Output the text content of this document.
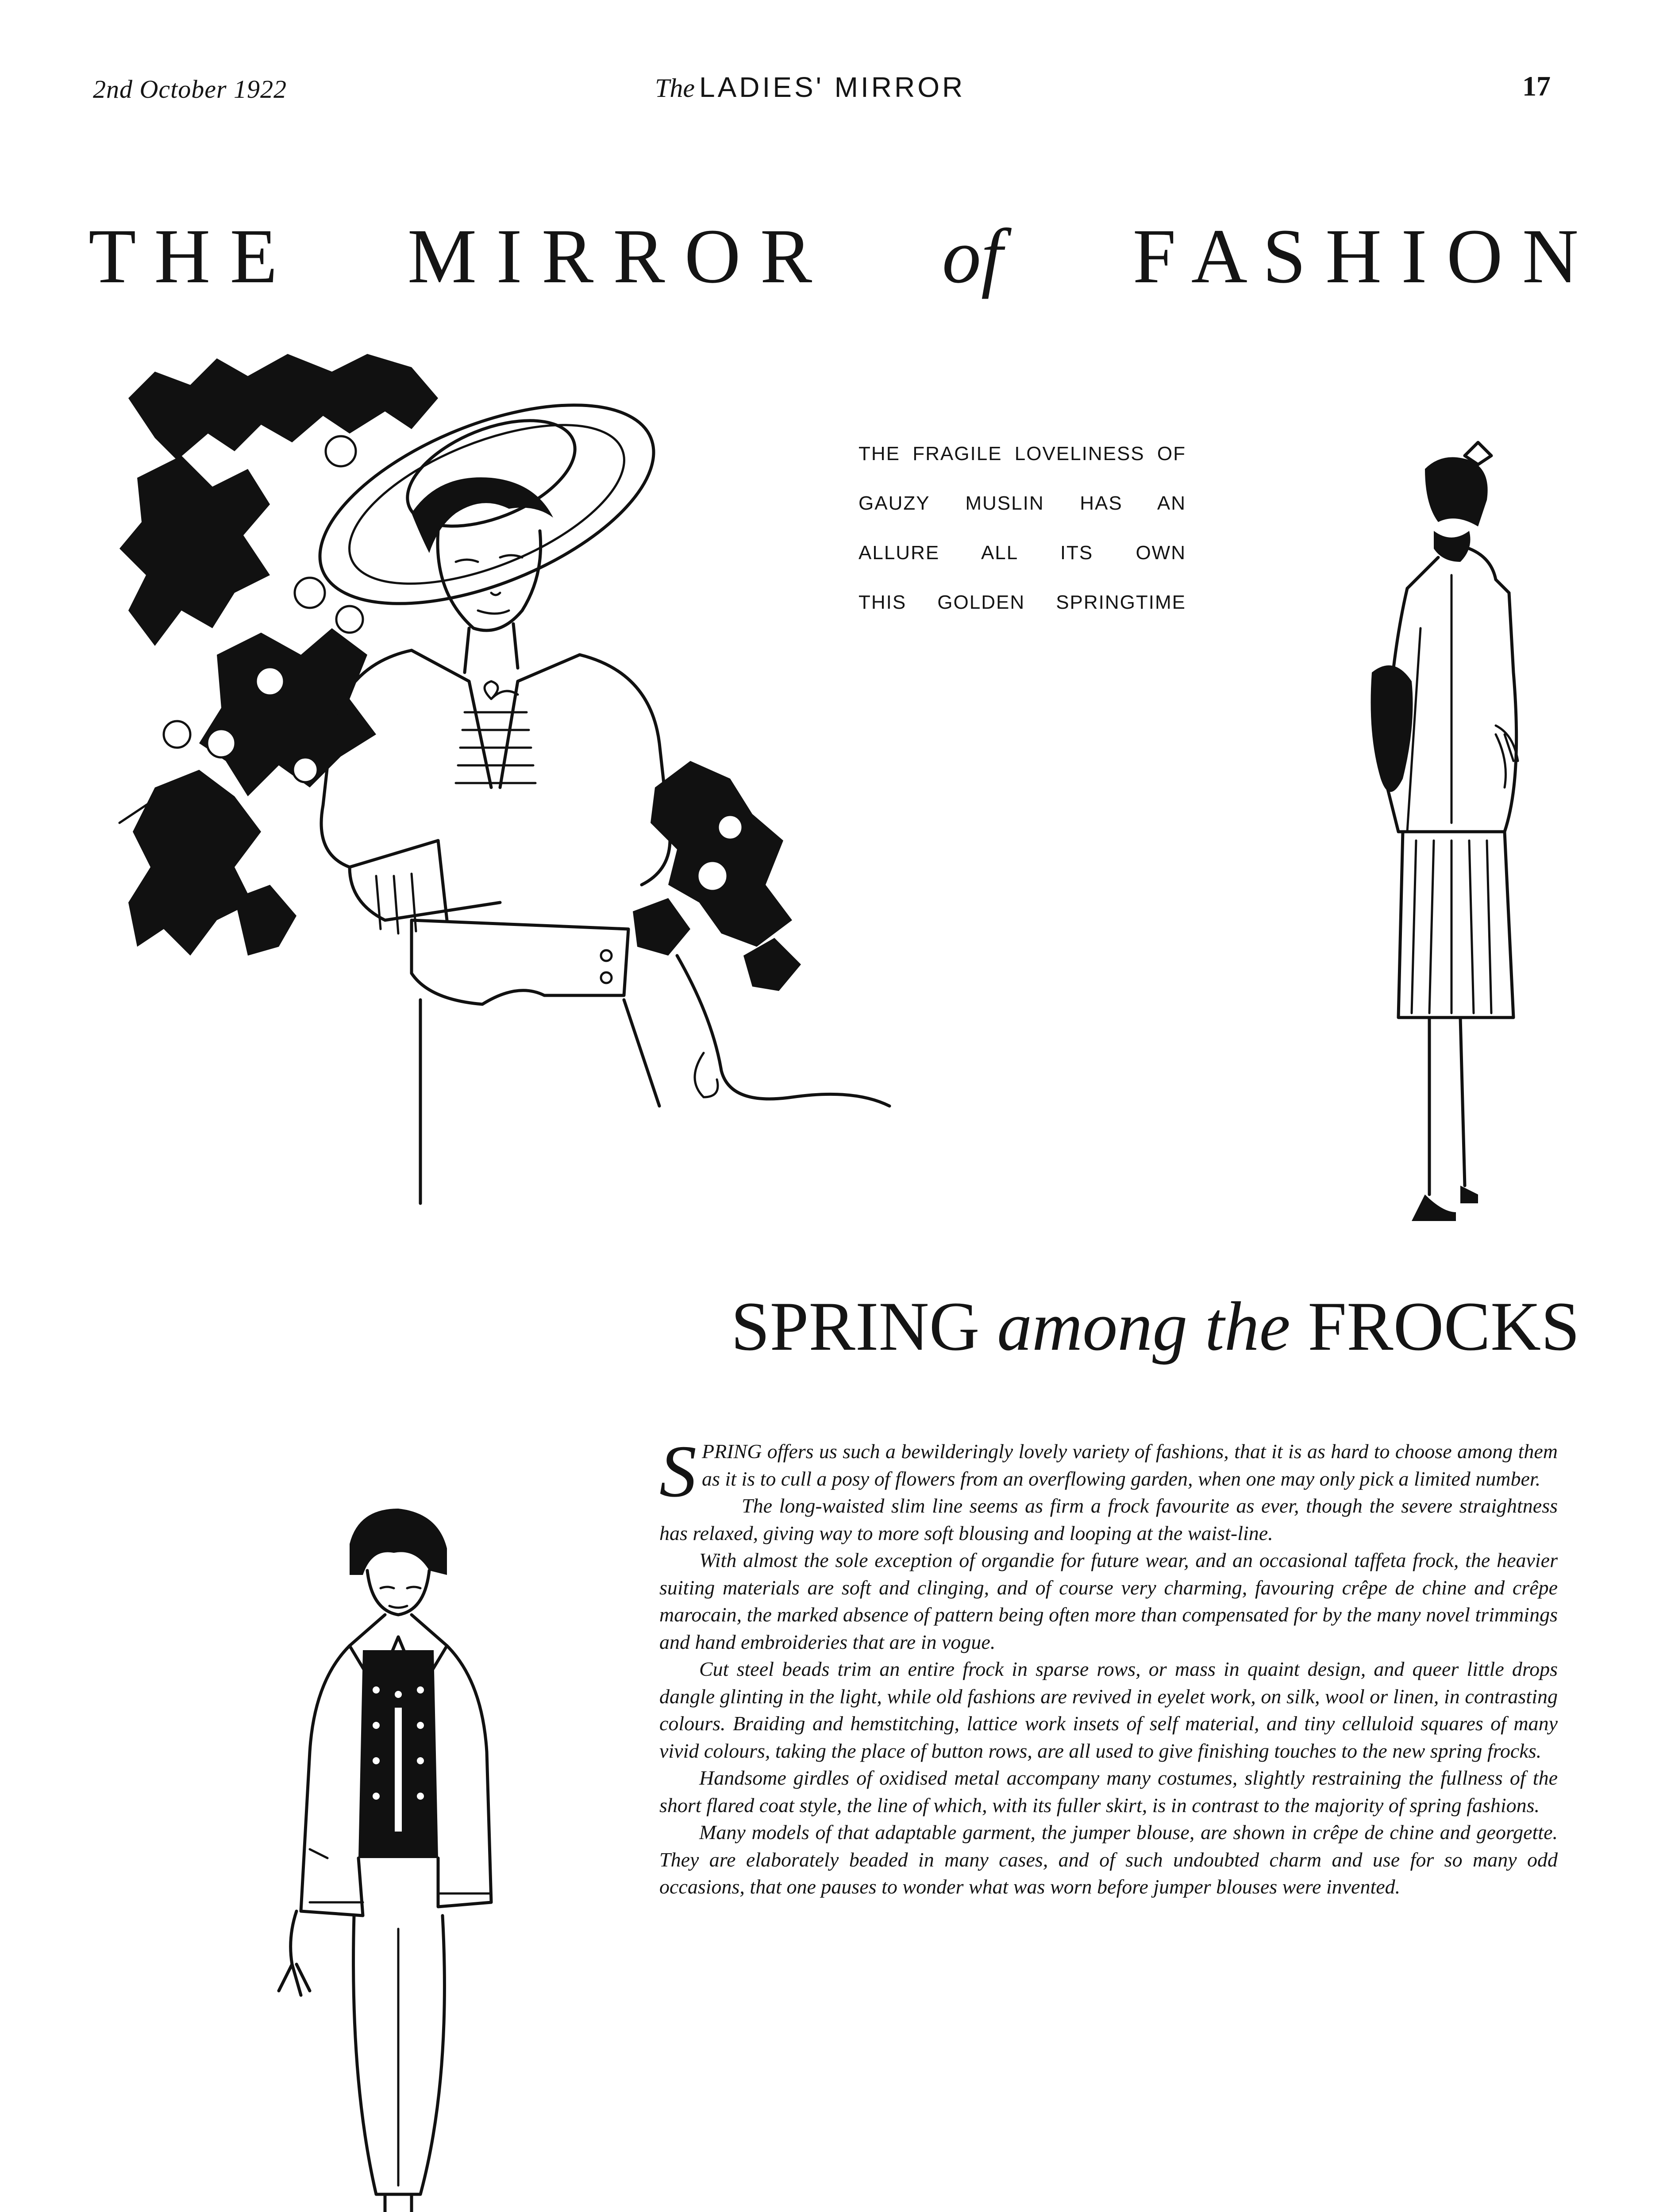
2nd October 1922	The LADIES' MIRROR	17
T H E M I R R O R of F A S H I O N
THE FRAGILE LOVELINESS OF
GAUZY MUSLIN HAS AN
ALLURE ALL ITS OWN
THIS GOLDEN SPRINGTIME
SPRING among the FROCKS

SPRING offers us such a bewilderingly lovely variety of fashions, that it is as hard to choose among them as it is to cull a posy of flowers from an overflowing garden, when one may only pick a limited number.

The long-waisted slim line seems as firm a frock favourite as ever, though the severe straightness has relaxed, giving way to more soft blousing and looping at the waist-line.

With almost the sole exception of organdie for future wear, and an occasional taffeta frock, the heavier suiting materials are soft and clinging, and of course very charming, favouring crêpe de chine and crêpe marocain, the marked absence of pattern being often more than compensated for by the many novel trimmings and hand embroideries that are in vogue.

Cut steel beads trim an entire frock in sparse rows, or mass in quaint design, and queer little drops dangle glinting in the light, while old fashions are revived in eyelet work, on silk, wool or linen, in contrasting colours. Braiding and hemstitching, lattice work insets of self material, and tiny celluloid squares of many vivid colours, taking the place of button rows, are all used to give finishing touches to the new spring frocks.

Handsome girdles of oxidised metal accompany many costumes, slightly restraining the fullness of the short flared coat style, the line of which, with its fuller skirt, is in contrast to the majority of spring fashions.

Many models of that adaptable garment, the jumper blouse, are shown in crêpe de chine and georgette. They are elaborately beaded in many cases, and of such undoubted charm and use for so many odd occasions, that one pauses to wonder what was worn before jumper blouses were invented.
